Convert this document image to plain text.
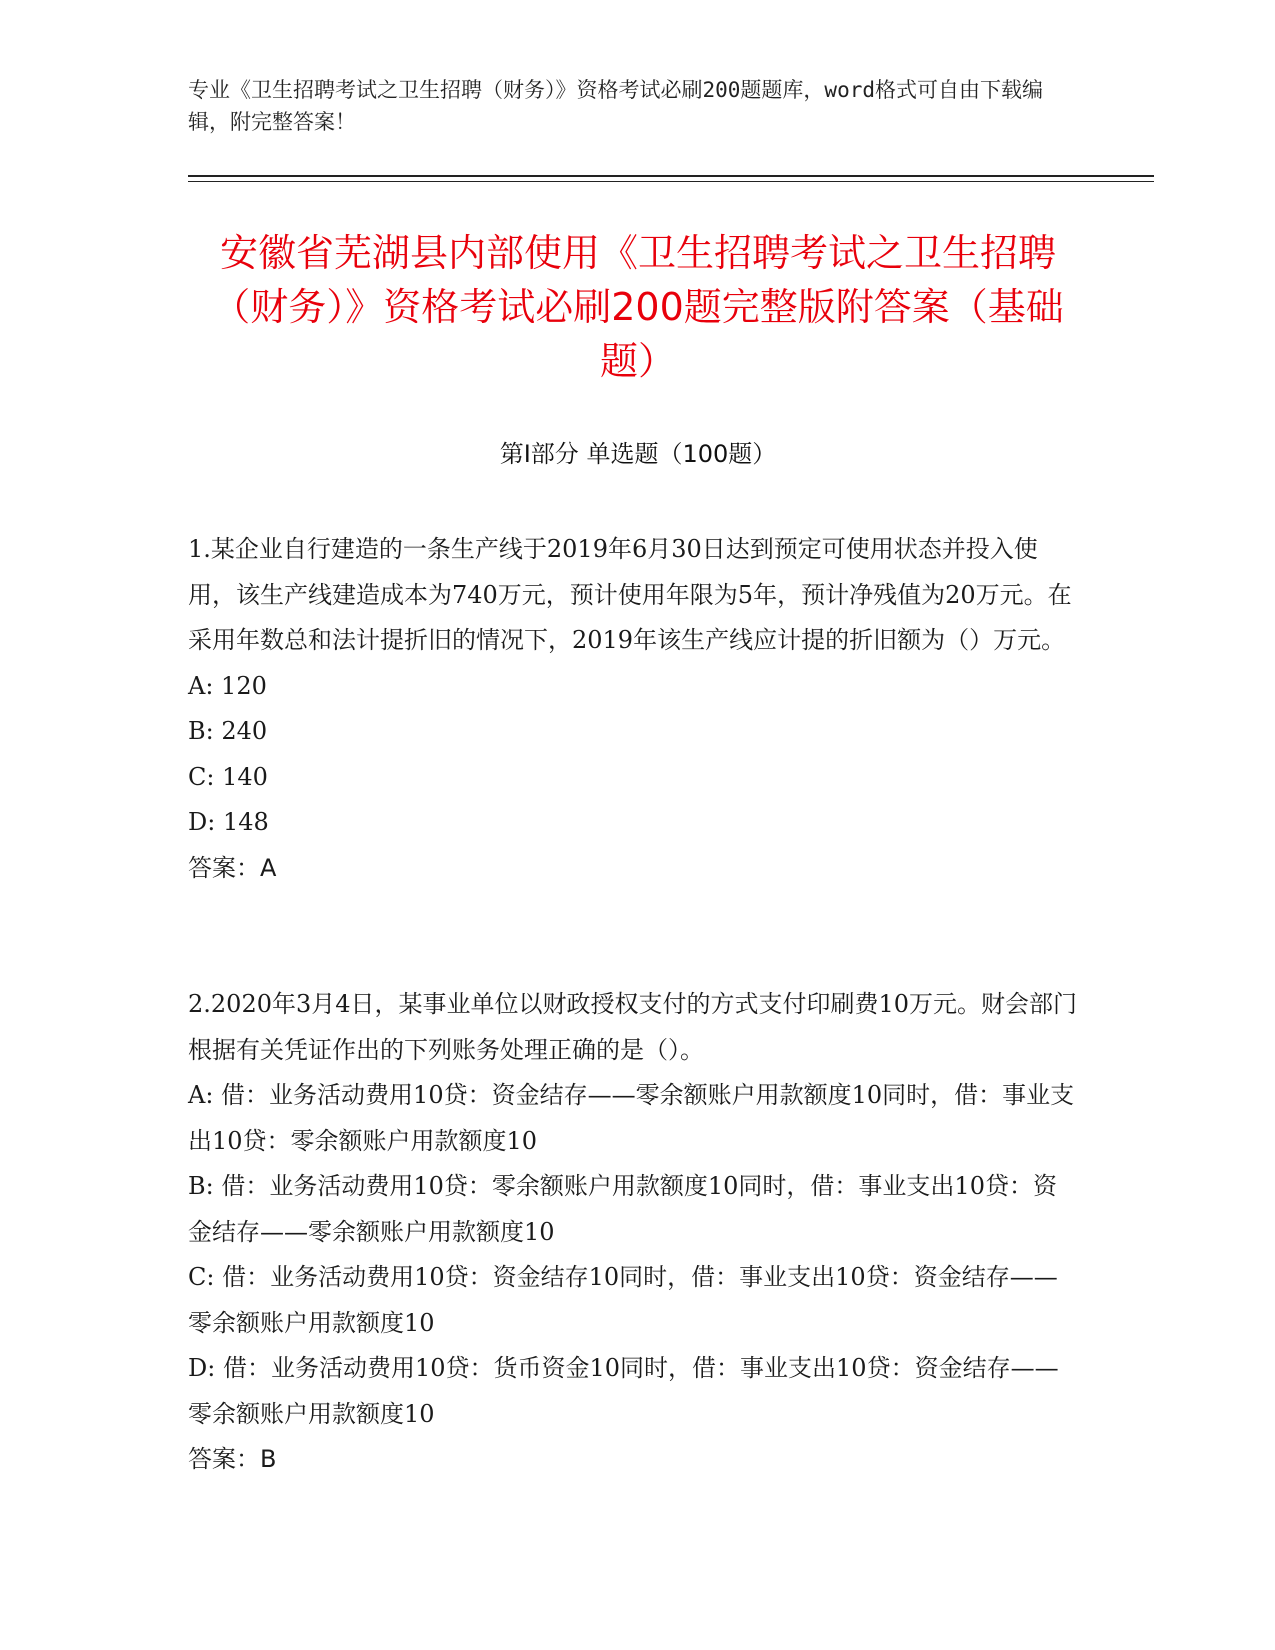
专业《卫生招聘考试之卫生招聘（财务）》资格考试必刷200题题库，word格式可自由下载编辑，附完整答案！
安徽省芜湖县内部使用《卫生招聘考试之卫生招聘（财务）》资格考试必刷200题完整版附答案（基础题）
第Ⅰ部分 单选题（100题）

1.某企业自行建造的一条生产线于2019年6月30日达到预定可使用状态并投入使用，该生产线建造成本为740万元，预计使用年限为5年，预计净残值为20万元。在采用年数总和法计提折旧的情况下，2019年该生产线应计提的折旧额为（）万元。

A: 120

B: 240

C: 140

D: 148

答案：A

2.2020年3月4日，某事业单位以财政授权支付的方式支付印刷费10万元。财会部门根据有关凭证作出的下列账务处理正确的是（）。

A: 借：业务活动费用10贷：资金结存——零余额账户用款额度10同时，借：事业支出10贷：零余额账户用款额度10

B: 借：业务活动费用10贷：零余额账户用款额度10同时，借：事业支出10贷：资金结存——零余额账户用款额度10

C: 借：业务活动费用10贷：资金结存10同时，借：事业支出10贷：资金结存——零余额账户用款额度10

D: 借：业务活动费用10贷：货币资金10同时，借：事业支出10贷：资金结存——零余额账户用款额度10

答案：B
